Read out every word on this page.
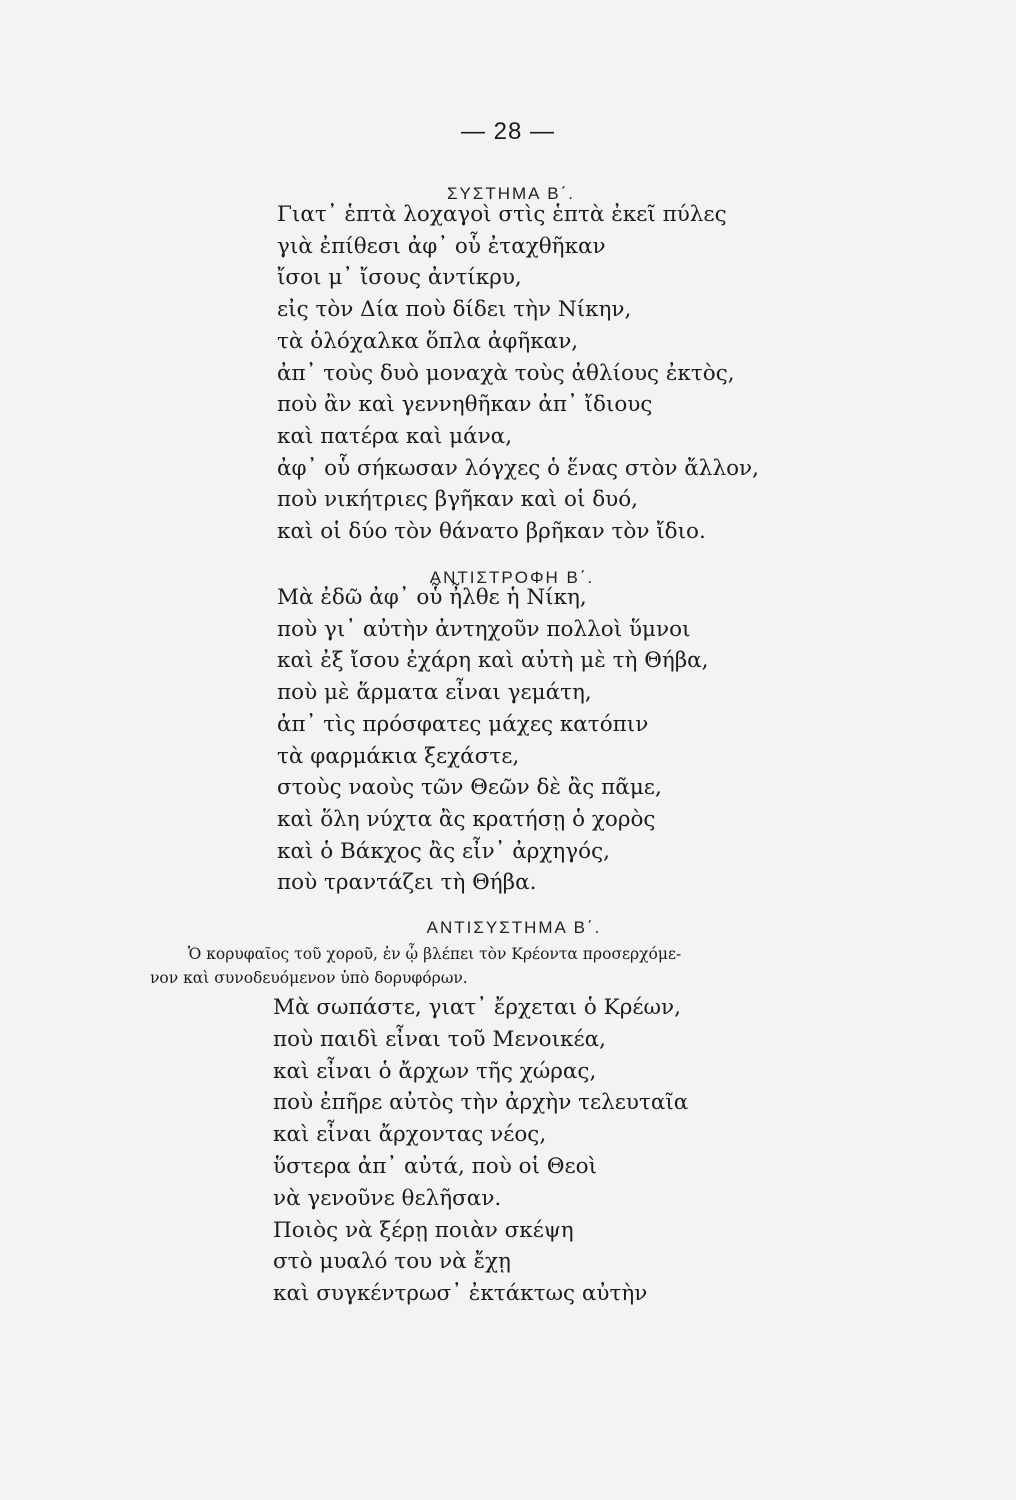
— 28 —
ΣΥΣΤΗΜΑ Β΄.
Γιατ᾿ ἑπτὰ λοχαγοὶ στὶς ἑπτὰ ἐκεῖ πύλες
γιὰ ἐπίθεσι ἀφ᾿ οὗ ἐταχθῆκαν
ἴσοι μ᾿ ἴσους ἀντίκρυ,
εἰς τὸν Δία ποὺ δίδει τὴν Νίκην,
τὰ ὁλόχαλκα ὅπλα ἀφῆκαν,
ἀπ᾿ τοὺς δυὸ μοναχὰ τοὺς ἀθλίους ἐκτὸς,
ποὺ ἂν καὶ γεννηθῆκαν ἀπ᾿ ἴδιους
καὶ πατέρα καὶ μάνα,
ἀφ᾿ οὗ σήκωσαν λόγχες ὁ ἕνας στὸν ἄλλον,
ποὺ νικήτριες βγῆκαν καὶ οἱ δυό,
καὶ οἱ δύο τὸν θάνατο βρῆκαν τὸν ἴδιο.
ΑΝΤΙΣΤΡΟΦΗ Β΄.
Μὰ ἐδῶ ἀφ᾿ οὗ ἦλθε ἡ Νίκη,
ποὺ γι᾿ αὐτὴν ἀντηχοῦν πολλοὶ ὕμνοι
καὶ ἐξ ἴσου ἐχάρη καὶ αὐτὴ μὲ τὴ Θήβα,
ποὺ μὲ ἅρματα εἶναι γεμάτη,
ἀπ᾿ τὶς πρόσφατες μάχες κατόπιν
τὰ φαρμάκια ξεχάστε,
στοὺς ναοὺς τῶν Θεῶν δὲ ἂς πᾶμε,
καὶ ὅλη νύχτα ἂς κρατήσῃ ὁ χορὸς
καὶ ὁ Βάκχος ἂς εἶν᾿ ἀρχηγός,
ποὺ τραντάζει τὴ Θήβα.
ΑΝΤΙΣΥΣΤΗΜΑ Β΄.

Ὁ κορυφαῖος τοῦ χοροῦ, ἐν ᾧ βλέπει τὸν Κρέοντα προσερχόμε-

νον καὶ συνοδευόμενον ὑπὸ δορυφόρων.

Μὰ σωπάστε, γιατ᾿ ἔρχεται ὁ Κρέων,
ποὺ παιδὶ εἶναι τοῦ Μενοικέα,
καὶ εἶναι ὁ ἄρχων τῆς χώρας,
ποὺ ἐπῆρε αὐτὸς τὴν ἀρχὴν τελευταῖα
καὶ εἶναι ἄρχοντας νέος,
ὕστερα ἀπ᾿ αὐτά, ποὺ οἱ Θεοὶ
νὰ γενοῦνε θελῆσαν.
Ποιὸς νὰ ξέρῃ ποιὰν σκέψη
στὸ μυαλό του νὰ ἔχῃ
καὶ συγκέντρωσ᾿ ἐκτάκτως αὐτὴν
